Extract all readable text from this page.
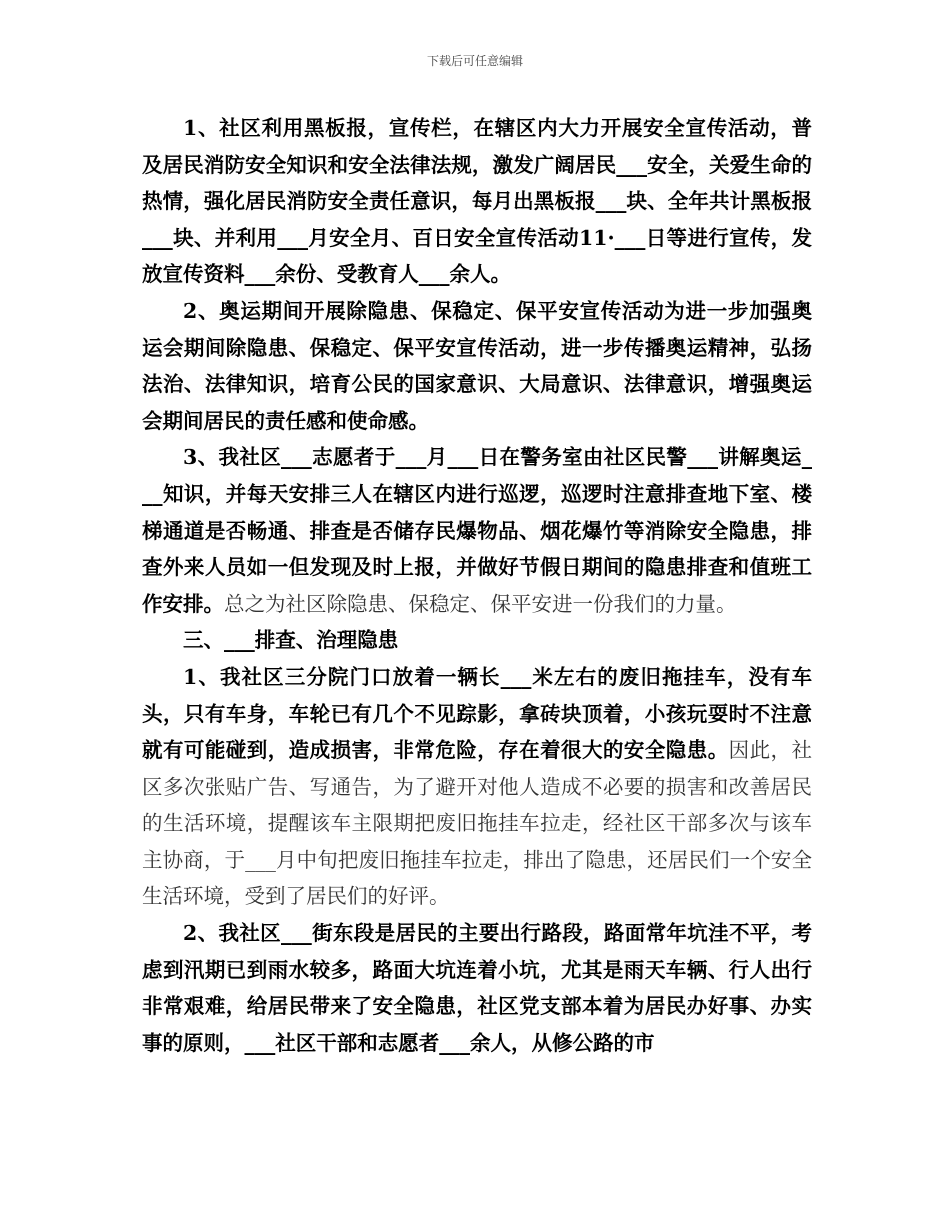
下载后可任意编辑

1、社区利用黑板报，宣传栏，在辖区内大力开展安全宣传活动，普及居民消防安全知识和安全法律法规，激发广阔居民___安全，关爱生命的热情，强化居民消防安全责任意识，每月出黑板报___块、全年共计黑板报___块、并利用___月安全月、百日安全宣传活动11·___日等进行宣传，发放宣传资料___余份、受教育人___余人。

2、奥运期间开展除隐患、保稳定、保平安宣传活动为进一步加强奥运会期间除隐患、保稳定、保平安宣传活动，进一步传播奥运精神，弘扬法治、法律知识，培育公民的国家意识、大局意识、法律意识，增强奥运会期间居民的责任感和使命感。

3、我社区___志愿者于___月___日在警务室由社区民警___讲解奥运___知识，并每天安排三人在辖区内进行巡逻，巡逻时注意排查地下室、楼梯通道是否畅通、排查是否储存民爆物品、烟花爆竹等消除安全隐患，排查外来人员如一但发现及时上报，并做好节假日期间的隐患排查和值班工作安排。总之为社区除隐患、保稳定、保平安进一份我们的力量。

三、___排查、治理隐患

1、我社区三分院门口放着一辆长___米左右的废旧拖挂车，没有车头，只有车身，车轮已有几个不见踪影，拿砖块顶着，小孩玩耍时不注意就有可能碰到，造成损害，非常危险，存在着很大的安全隐患。因此，社区多次张贴广告、写通告，为了避开对他人造成不必要的损害和改善居民的生活环境，提醒该车主限期把废旧拖挂车拉走，经社区干部多次与该车主协商，于___月中旬把废旧拖挂车拉走，排出了隐患，还居民们一个安全生活环境，受到了居民们的好评。

2、我社区___街东段是居民的主要出行路段，路面常年坑洼不平，考虑到汛期已到雨水较多，路面大坑连着小坑，尤其是雨天车辆、行人出行非常艰难，给居民带来了安全隐患，社区党支部本着为居民办好事、办实事的原则，___社区干部和志愿者___余人，从修公路的市
